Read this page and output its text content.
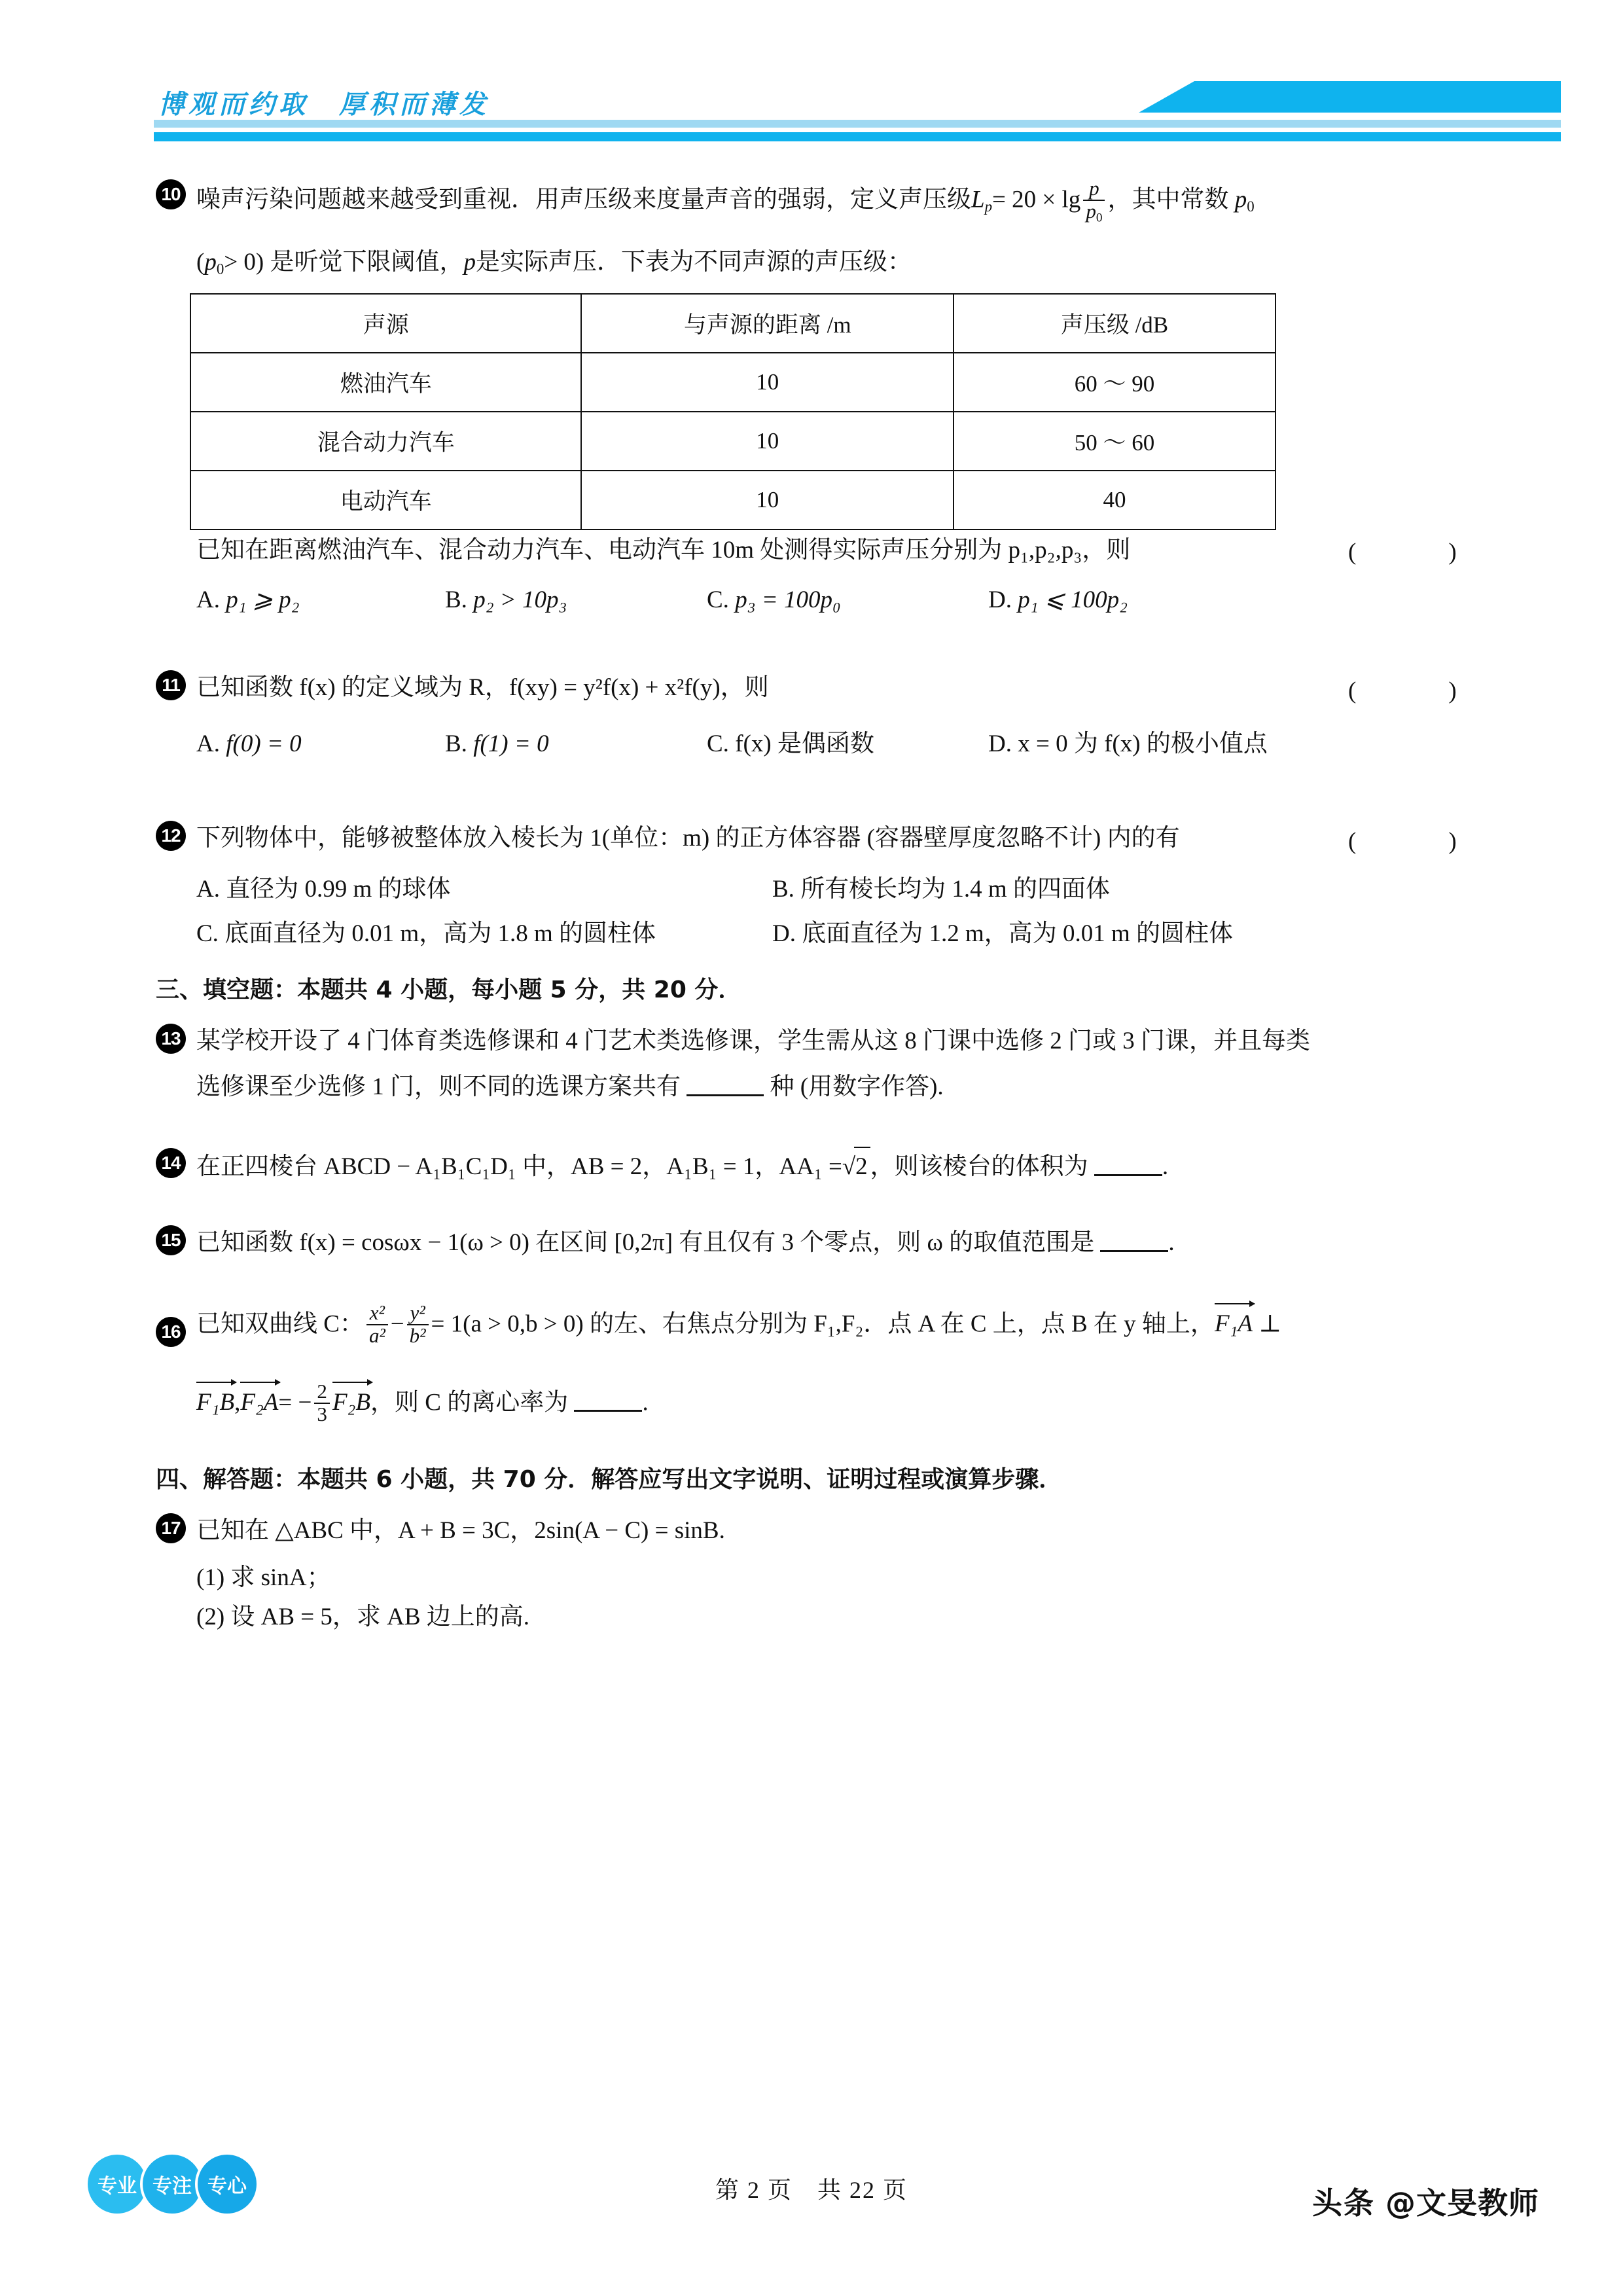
博观而约取　厚积而薄发
10 噪声污染问题越来越受到重视．用声压级来度量声音的强弱，定义声压级$L_p= 20 \times \lg \frac{p}{p_0}$ ，其中常数 $p_0$
$(p_0> 0)$ 是听觉下限阈值，p是实际声压．下表为不同声源的声压级：
声源	与声源的距离 /m	声压级 /dB
燃油汽车	10	60 ～ 90
混合动力汽车	10	50 ～ 60
电动汽车	10	40
已知在距离燃油汽车、混合动力汽车、电动汽车 10m 处测得实际声压分别为 p₁,p₂,p₃，则	(　)
A. p₁ ⩾ p₂	B. p₂ > 10p₃	C. p₃ = 100p₀	D. p₁ ⩽ 100p₂
11 已知函数 f(x) 的定义域为 R，f(xy) = y²f(x) + x²f(y)，则	(　)
A. f(0) = 0	B. f(1) = 0	C. f(x) 是偶函数	D. x = 0 为 f(x) 的极小值点
12 下列物体中，能够被整体放入棱长为 1(单位：m) 的正方体容器 (容器壁厚度忽略不计) 内的有	(　)
A. 直径为 0.99 m 的球体	B. 所有棱长均为 1.4 m 的四面体
C. 底面直径为 0.01 m，高为 1.8 m 的圆柱体	D. 底面直径为 1.2 m，高为 0.01 m 的圆柱体
三、填空题：本题共 4 小题，每小题 5 分，共 20 分．
13 某学校开设了 4 门体育类选修课和 4 门艺术类选修课，学生需从这 8 门课中选修 2 门或 3 门课，并且每类
选修课至少选修 1 门，则不同的选课方案共有	种 (用数字作答).
14 在正四棱台 ABCD − A₁B₁C₁D₁ 中，AB = 2，A₁B₁ = 1，AA₁ =√2 ，则该棱台的体积为	.
15 已知函数 f(x) = cosωx − 1(ω > 0) 在区间 [0,2π] 有且仅有 3 个零点，则 ω 的取值范围是	.
16 已知双曲线 C： $\frac{\text{x²}}{\text{a²}} - \frac{\text{y²}}{\text{b²}} = 1(a > 0,b > 0)$ 的左、右焦点分别为 F₁,F₂．点 A 在 C 上，点 B 在 y 轴上，
F₁A ⊥
F₁B,
$F_2A= - \frac{2}{3} F_2B$，则 C 的离心率为	.
四、解答题：本题共 6 小题，共 70 分．解答应写出文字说明、证明过程或演算步骤．
17 已知在 △ABC 中，A + B = 3C，2sin(A − C) = sinB.
(1) 求 sinA；
(2) 设 AB = 5，求 AB 边上的高.
专业 专注 专心	第 2 页　共 22 页	头条 @文旻教师
